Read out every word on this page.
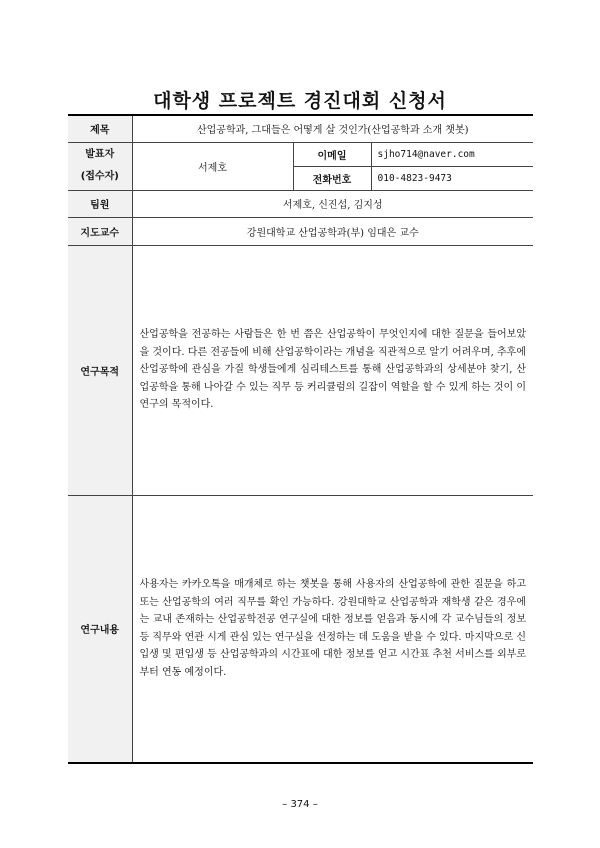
대학생 프로젝트 경진대회 신청서
제목	산업공학과, 그대들은 어떻게 살 것인가(산업공학과 소개 챗봇)		

발표자
(접수자)	서제호	이메일	sjho714@naver.com
		전화번호	010-4823-9473
팀원	서제호, 신진섭, 김지성		
지도교수	강원대학교 산업공학과(부) 임대은 교수		
연구목적	산업공학을 전공하는 사람들은 한 번 쯤은 산업공학이 무엇인지에 대한 질문을 들어보았을 것이다. 다른 전공들에 비해 산업공학이라는 개념을 직관적으로 알기 어려우며, 추후에 산업공학에 관심을 가질 학생들에게 심리테스트를 통해 산업공학과의 상세분야 찾기, 산업공학을 통해 나아갈 수 있는 직무 등 커리큘럼의 길잡이 역할을 할 수 있게 하는 것이 이 연구의 목적이다.		
연구내용	사용자는 카카오톡을 매개체로 하는 챗봇을 통해 사용자의 산업공학에 관한 질문을 하고 또는 산업공학의 여러 직무를 확인 가능하다. 강원대학교 산업공학과 재학생 같은 경우에는 교내 존재하는 산업공학전공 연구실에 대한 정보를 얻음과 동시에 각 교수님들의 정보 등 직무와 연관 시게 관심 있는 연구실을 선정하는 데 도움을 받을 수 있다. 마지막으로 신입생 및 편입생 등 산업공학과의 시간표에 대한 정보를 얻고 시간표 추천 서비스를 외부로부터 연동 예정이다.		
– 374 –
